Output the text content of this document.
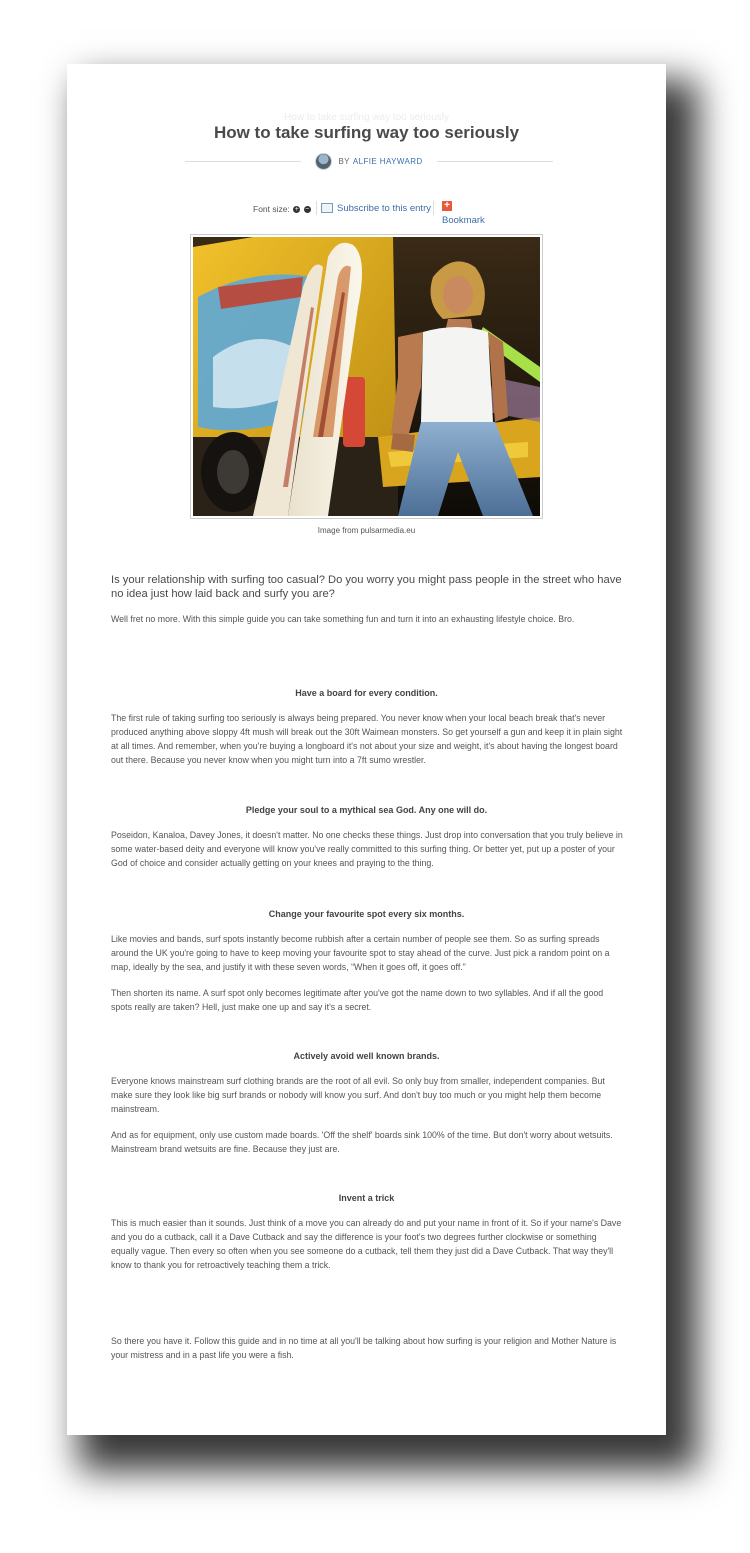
How to take surfing way too seriously
How to take surfing way too seriously
BY ALFIE HAYWARD
Font size: + −	Subscribe to this entry +
Bookmark
Image from pulsarmedia.eu

Is your relationship with surfing too casual? Do you worry you might pass people in the street who have no idea just how laid back and surfy you are?

Well fret no more. With this simple guide you can take something fun and turn it into an exhausting lifestyle choice. Bro.

Have a board for every condition.

The first rule of taking surfing too seriously is always being prepared. You never know when your local beach break that's never produced anything above sloppy 4ft mush will break out the 30ft Waimean monsters. So get yourself a gun and keep it in plain sight at all times. And remember, when you're buying a longboard it's not about your size and weight, it's about having the longest board out there. Because you never know when you might turn into a 7ft sumo wrestler.

Pledge your soul to a mythical sea God. Any one will do.

Poseidon, Kanaloa, Davey Jones, it doesn't matter. No one checks these things. Just drop into conversation that you truly believe in some water-based deity and everyone will know you've really committed to this surfing thing. Or better yet, put up a poster of your God of choice and consider actually getting on your knees and praying to the thing.

Change your favourite spot every six months.

Like movies and bands, surf spots instantly become rubbish after a certain number of people see them. So as surfing spreads around the UK you're going to have to keep moving your favourite spot to stay ahead of the curve. Just pick a random point on a map, ideally by the sea, and justify it with these seven words, “When it goes off, it goes off.”

Then shorten its name. A surf spot only becomes legitimate after you've got the name down to two syllables. And if all the good spots really are taken? Hell, just make one up and say it's a secret.

Actively avoid well known brands.

Everyone knows mainstream surf clothing brands are the root of all evil. So only buy from smaller, independent companies. But make sure they look like big surf brands or nobody will know you surf. And don't buy too much or you might help them become mainstream.

And as for equipment, only use custom made boards. 'Off the shelf' boards sink 100% of the time. But don't worry about wetsuits. Mainstream brand wetsuits are fine. Because they just are.

Invent a trick

This is much easier than it sounds. Just think of a move you can already do and put your name in front of it. So if your name's Dave and you do a cutback, call it a Dave Cutback and say the difference is your foot's two degrees further clockwise or something equally vague. Then every so often when you see someone do a cutback, tell them they just did a Dave Cutback. That way they'll know to thank you for retroactively teaching them a trick.

So there you have it. Follow this guide and in no time at all you'll be talking about how surfing is your religion and Mother Nature is your mistress and in a past life you were a fish.
